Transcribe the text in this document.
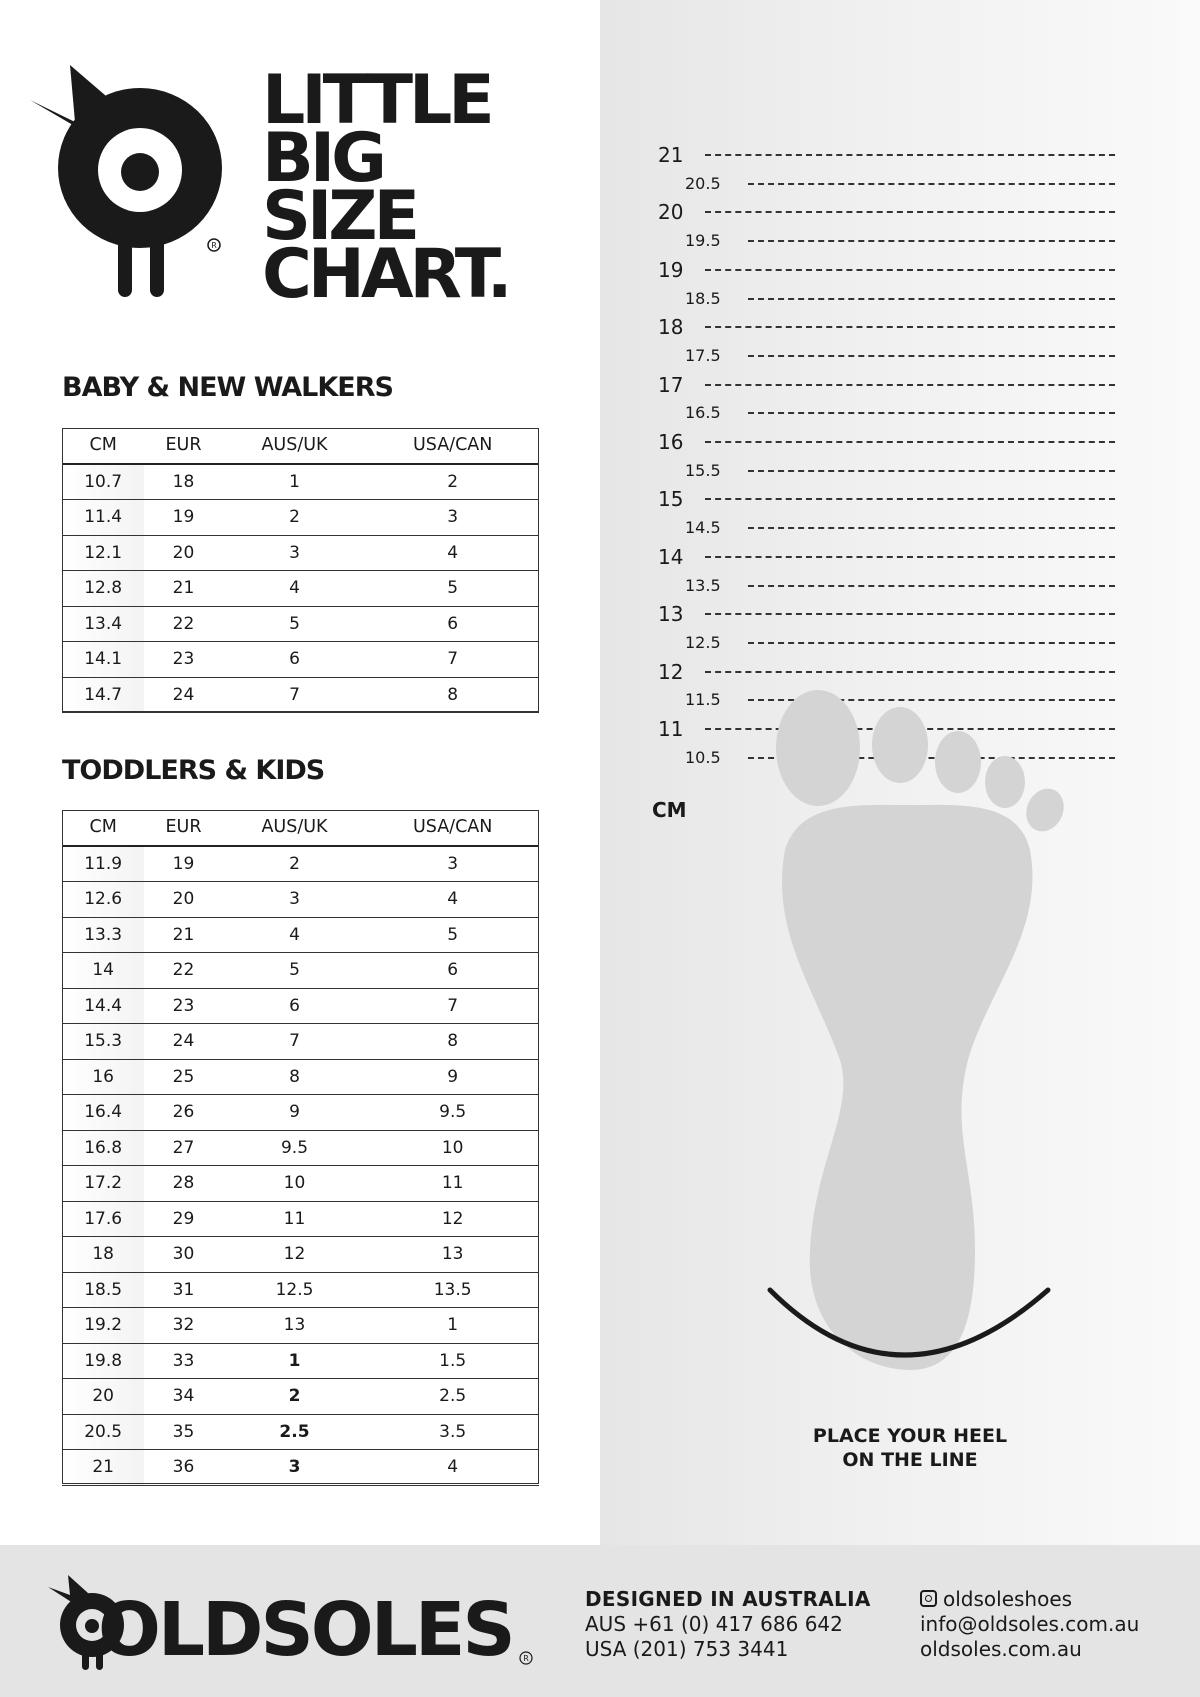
R
LITTLE
BIG
SIZE
CHART.
BABY & NEW WALKERS
CM	EUR	AUS/UK	USA/CAN
10.7	18	1	2
11.4	19	2	3
12.1	20	3	4
12.8	21	4	5
13.4	22	5	6
14.1	23	6	7
14.7	24	7	8
TODDLERS & KIDS
CM	EUR	AUS/UK	USA/CAN
11.9	19	2	3
12.6	20	3	4
13.3	21	4	5
14	22	5	6
14.4	23	6	7
15.3	24	7	8
16	25	8	9
16.4	26	9	9.5
16.8	27	9.5	10
17.2	28	10	11
17.6	29	11	12
18	30	12	13
18.5	31	12.5	13.5
19.2	32	13	1
19.8	33	1	1.5
20	34	2	2.5
20.5	35	2.5	3.5
21	36	3	4
21
20.5
20
19.5
19
18.5
18
17.5
17
16.5
16
15.5
15
14.5
14
13.5
13
12.5
12
11.5
11
10.5
CM
PLACE YOUR HEEL
ON THE LINE
OLDSOLES R
DESIGNED IN AUSTRALIA
AUS +61 (0) 417 686 642
USA (201) 753 3441
oldsoleshoes
info@oldsoles.com.au
oldsoles.com.au
